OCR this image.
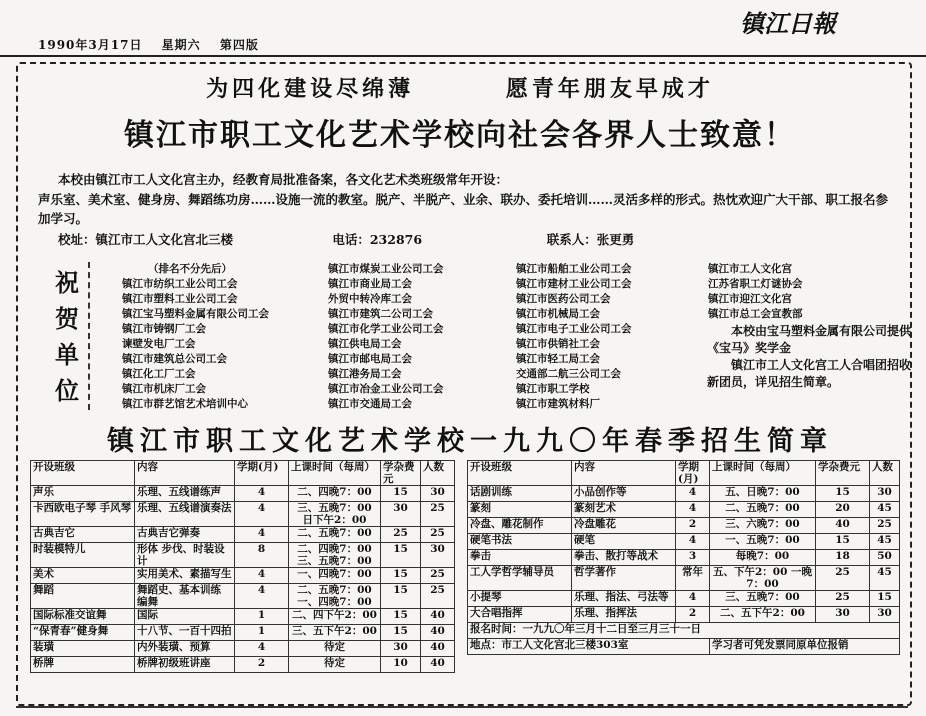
1990年3月17日 星期六 第四版
镇江日報
为四化建设尽绵薄	愿青年朋友早成才
镇江市职工文化艺术学校向社会各界人士致意！
本校由镇江市工人文化宫主办，经教育局批准备案，各文化艺术类班级常年开设：
声乐室、美术室、健身房、舞蹈练功房……设施一流的教室。脱产、半脱产、业余、联办、委托培训……灵活多样的形式。热忱欢迎广大干部、职工报名参加学习。
校址：镇江市工人文化宫北三楼	电话：232876	联系人：张更勇
祝
贺
单
位
（排名不分先后）
镇江市纺织工业公司工会
镇江市塑料工业公司工会
镇江宝马塑料金属有限公司工会
镇江市铸钢厂工会
谏壁发电厂工会
镇江市建筑总公司工会
镇江化工厂工会
镇江市机床厂工会
镇江市群艺馆艺术培训中心
镇江市煤炭工业公司工会
镇江市商业局工会
外贸中转冷库工会
镇江市建筑二公司工会
镇江市化学工业公司工会
镇江供电局工会
镇江市邮电局工会
镇江港务局工会
镇江市冶金工业公司工会
镇江市交通局工会
镇江市船舶工业公司工会
镇江市建材工业公司工会
镇江市医药公司工会
镇江市机械局工会
镇江市电子工业公司工会
镇江市供销社工会
镇江市轻工局工会
交通部二航三公司工会
镇江市职工学校
镇江市建筑材料厂
镇江市工人文化宫
江苏省职工灯谜协会
镇江市迎江文化宫
镇江市总工会宣教部
本校由宝马塑料金属有限公司提供《宝马》奖学金
镇江市工人文化宫工人合唱团招收新团员，详见招生简章。
镇江市职工文化艺术学校一九九〇年春季招生简章
开设班级	内容	学期(月)	上课时间（每周）	学杂费元	人数
声乐	乐理、五线谱练声	4	二、四晚7：00	15	30
卡西欧电子琴 手风琴	乐理、五线谱演奏法	4	三、五晚7：00 日下午2：00	30	25
古典吉它	古典吉它弹奏	4	二、五晚7：00	25	25
时装模特儿	形体 步伐、时装设计	8	二、四晚7：00 三、五晚7：00	15	30
美术	实用美术、素描写生	4	一、四晚7：00	15	25
舞蹈	舞蹈史、基本训练 编舞	4	二、五晚7：00 一、四晚7：00	15	25
国际标准交谊舞	国际	1	二、四下午2：00	15	40
“保青春”健身舞	十八节、一百十四拍	1	三、五下午2：00	15	40
装璜	内外装璜、预算	4	待定	30	40
桥牌	桥牌初级班讲座	2	待定	10	40
开设班级	内容	学期(月)	上课时间（每周）	学杂费元	人数
话剧训练	小品创作等	4	五、日晚7：00	15	30
篆刻	篆刻艺术	4	二、五晚7：00	20	45
冷盘、雕花制作	冷盘雕花	2	三、六晚7：00	40	25
硬笔书法	硬笔	4	一、五晚7：00	15	45
拳击	拳击、散打等战术	3	每晚7：00	18	50
工人学哲学辅导员	哲学著作	常年	五、下午2：00 一晚7：00	25	45
小提琴	乐理、指法、弓法等	4	三、五晚7：00	25	15
大合唱指挥	乐理、指挥法	2	二、五下午2：00	30	30
报名时间：一九九〇年三月十二日至三月三十一日					
地点：市工人文化宫北三楼303室			学习者可凭发票同原单位报销		
